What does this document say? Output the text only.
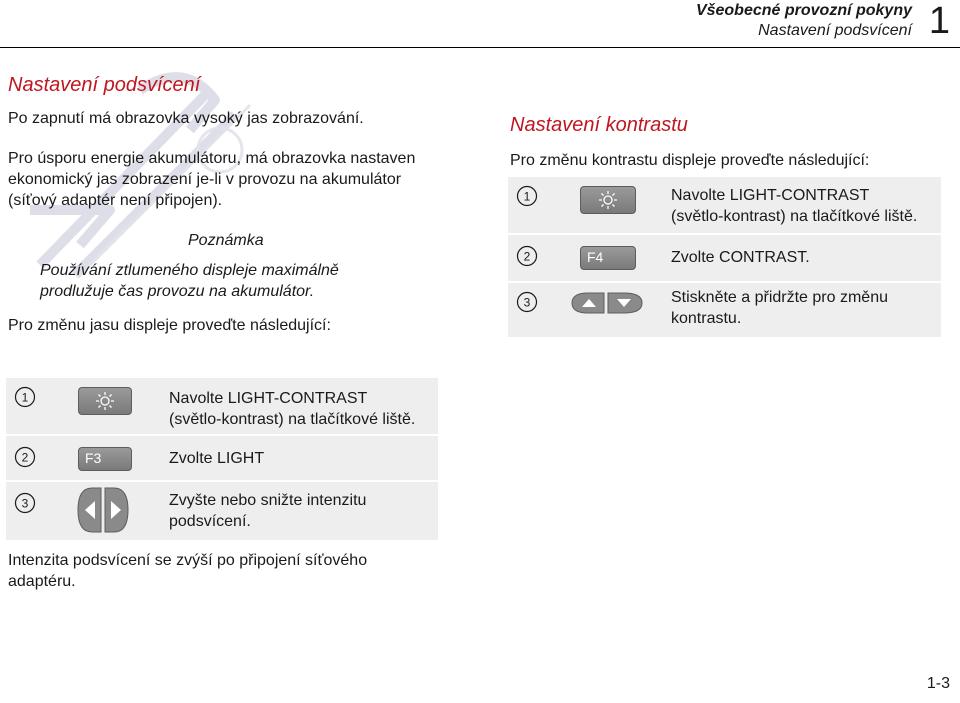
Všeobecné provozní pokyny
Nastavení podsvícení 1
Nastavení podsvícení
Po zapnutí má obrazovka vysoký jas zobrazování.
Pro úsporu energie akumulátoru, má obrazovka nastaven
ekonomický jas zobrazení je-li v provozu na akumulátor
(síťový adaptér není připojen).
Poznámka
Používání ztlumeného displeje maximálně
prodlužuje čas provozu na akumulátor.
Pro změnu jasu displeje proveďte následující:
Nastavení kontrastu
Pro změnu kontrastu displeje proveďte následující:
1	Navolte LIGHT-CONTRAST
(světlo-kontrast) na tlačítkové liště.
2	F4	Zvolte CONTRAST.
3	Stiskněte a přidržte pro změnu
kontrastu.
1	Navolte LIGHT-CONTRAST
(světlo-kontrast) na tlačítkové liště.
2	F3	Zvolte LIGHT
3	Zvyšte nebo snižte intenzitu
podsvícení.
Intenzita podsvícení se zvýší po připojení síťového
adaptéru.
1-3
